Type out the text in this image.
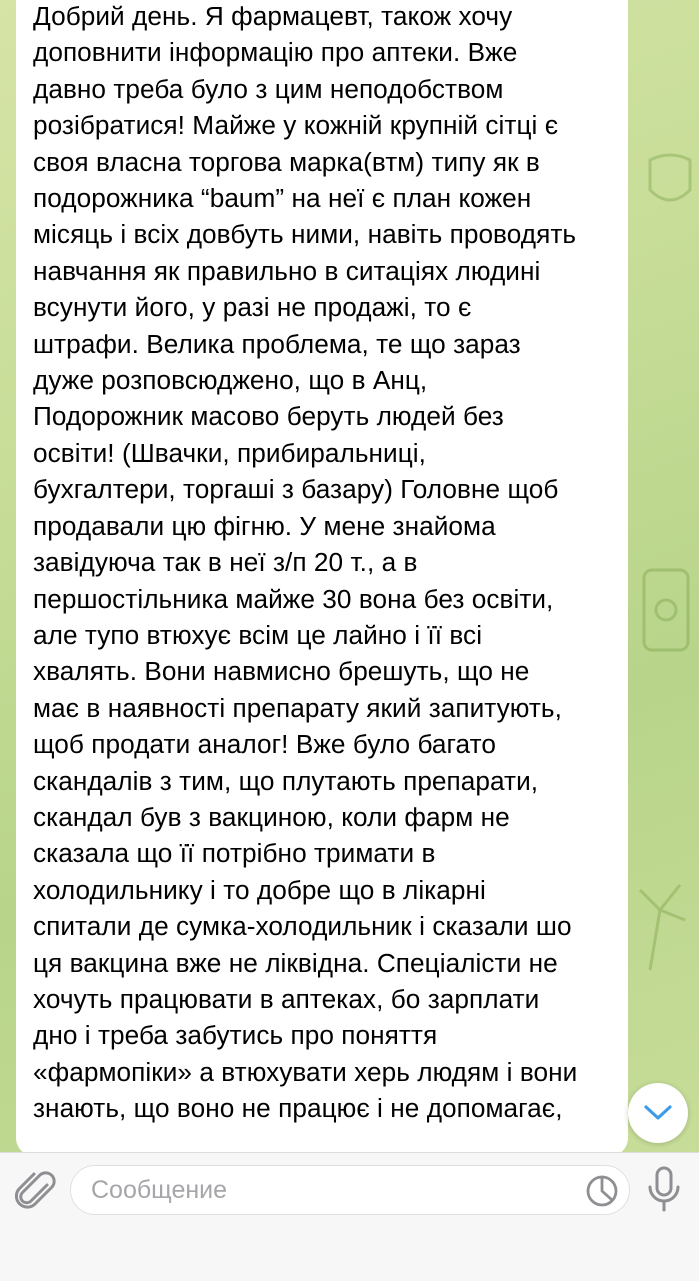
Добрий день. Я фармацевт, також хочу
доповнити інформацію про аптеки. Вже
давно треба було з цим неподобством
розібратися! Майже у кожній крупній сітці є
своя власна торгова марка(втм) типу як в
подорожника “baum” на неї є план кожен
місяць і всіх довбуть ними, навіть проводять
навчання як правильно в ситаціях людині
всунути його, у разі не продажі, то є
штрафи. Велика проблема, те що зараз
дуже розповсюджено, що в Анц,
Подорожник масово беруть людей без
освіти! (Швачки, прибиральниці,
бухгалтери, торгаші з базару) Головне щоб
продавали цю фігню. У мене знайома
завідуюча так в неї з/п 20 т., а в
першостільника майже 30 вона без освіти,
але тупо втюхує всім це лайно і її всі
хвалять. Вони навмисно брешуть, що не
має в наявності препарату який запитують,
щоб продати аналог! Вже було багато
скандалів з тим, що плутають препарати,
скандал був з вакциною, коли фарм не
сказала що її потрібно тримати в
холодильнику і то добре що в лікарні
спитали де сумка-холодильник і сказали шо
ця вакцина вже не ліквідна. Спеціалісти не
хочуть працювати в аптеках, бо зарплати
дно і треба забутись про поняття
«фармопіки» а втюхувати херь людям і вони
знають, що воно не працює і не допомагає,

Сообщение
